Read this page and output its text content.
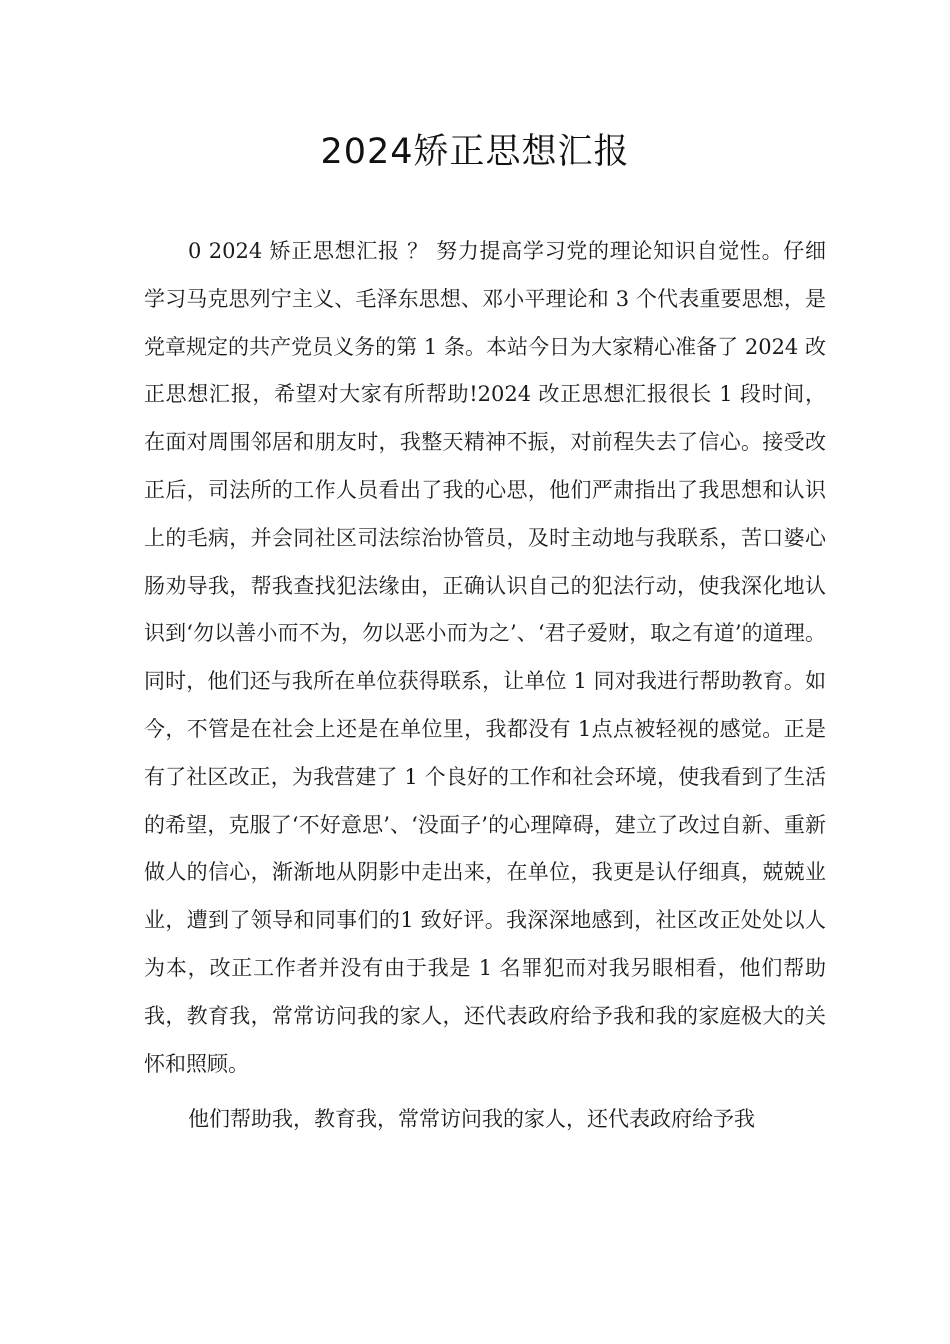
2024矫正思想汇报

0 2024 矫正思想汇报 ？ 努力提高学习党的理论知识自觉性。仔细学习马克思列宁主义、毛泽东思想、邓小平理论和 3 个代表重要思想，是党章规定的共产党员义务的第 1 条。本站今日为大家精心准备了 2024 改正思想汇报，希望对大家有所帮助!2024 改正思想汇报很长 1 段时间，在面对周围邻居和朋友时，我整天精神不振，对前程失去了信心。接受改正后，司法所的工作人员看出了我的心思，他们严肃指出了我思想和认识上的毛病，并会同社区司法综治协管员，及时主动地与我联系，苦口婆心肠劝导我，帮我查找犯法缘由，正确认识自己的犯法行动，使我深化地认识到‘勿以善小而不为，勿以恶小而为之’、‘君子爱财，取之有道’的道理。同时，他们还与我所在单位获得联系，让单位 1 同对我进行帮助教育。如今，不管是在社会上还是在单位里，我都没有 1点点被轻视的感觉。正是有了社区改正，为我营建了 1 个良好的工作和社会环境，使我看到了生活的希望，克服了‘不好意思’、‘没面子’的心理障碍，建立了改过自新、重新做人的信心，渐渐地从阴影中走出来，在单位，我更是认仔细真，兢兢业业，遭到了领导和同事们的1 致好评。我深深地感到，社区改正处处以人为本，改正工作者并没有由于我是 1 名罪犯而对我另眼相看，他们帮助我，教育我，常常访问我的家人，还代表政府给予我和我的家庭极大的关怀和照顾。

他们帮助我，教育我，常常访问我的家人，还代表政府给予我
